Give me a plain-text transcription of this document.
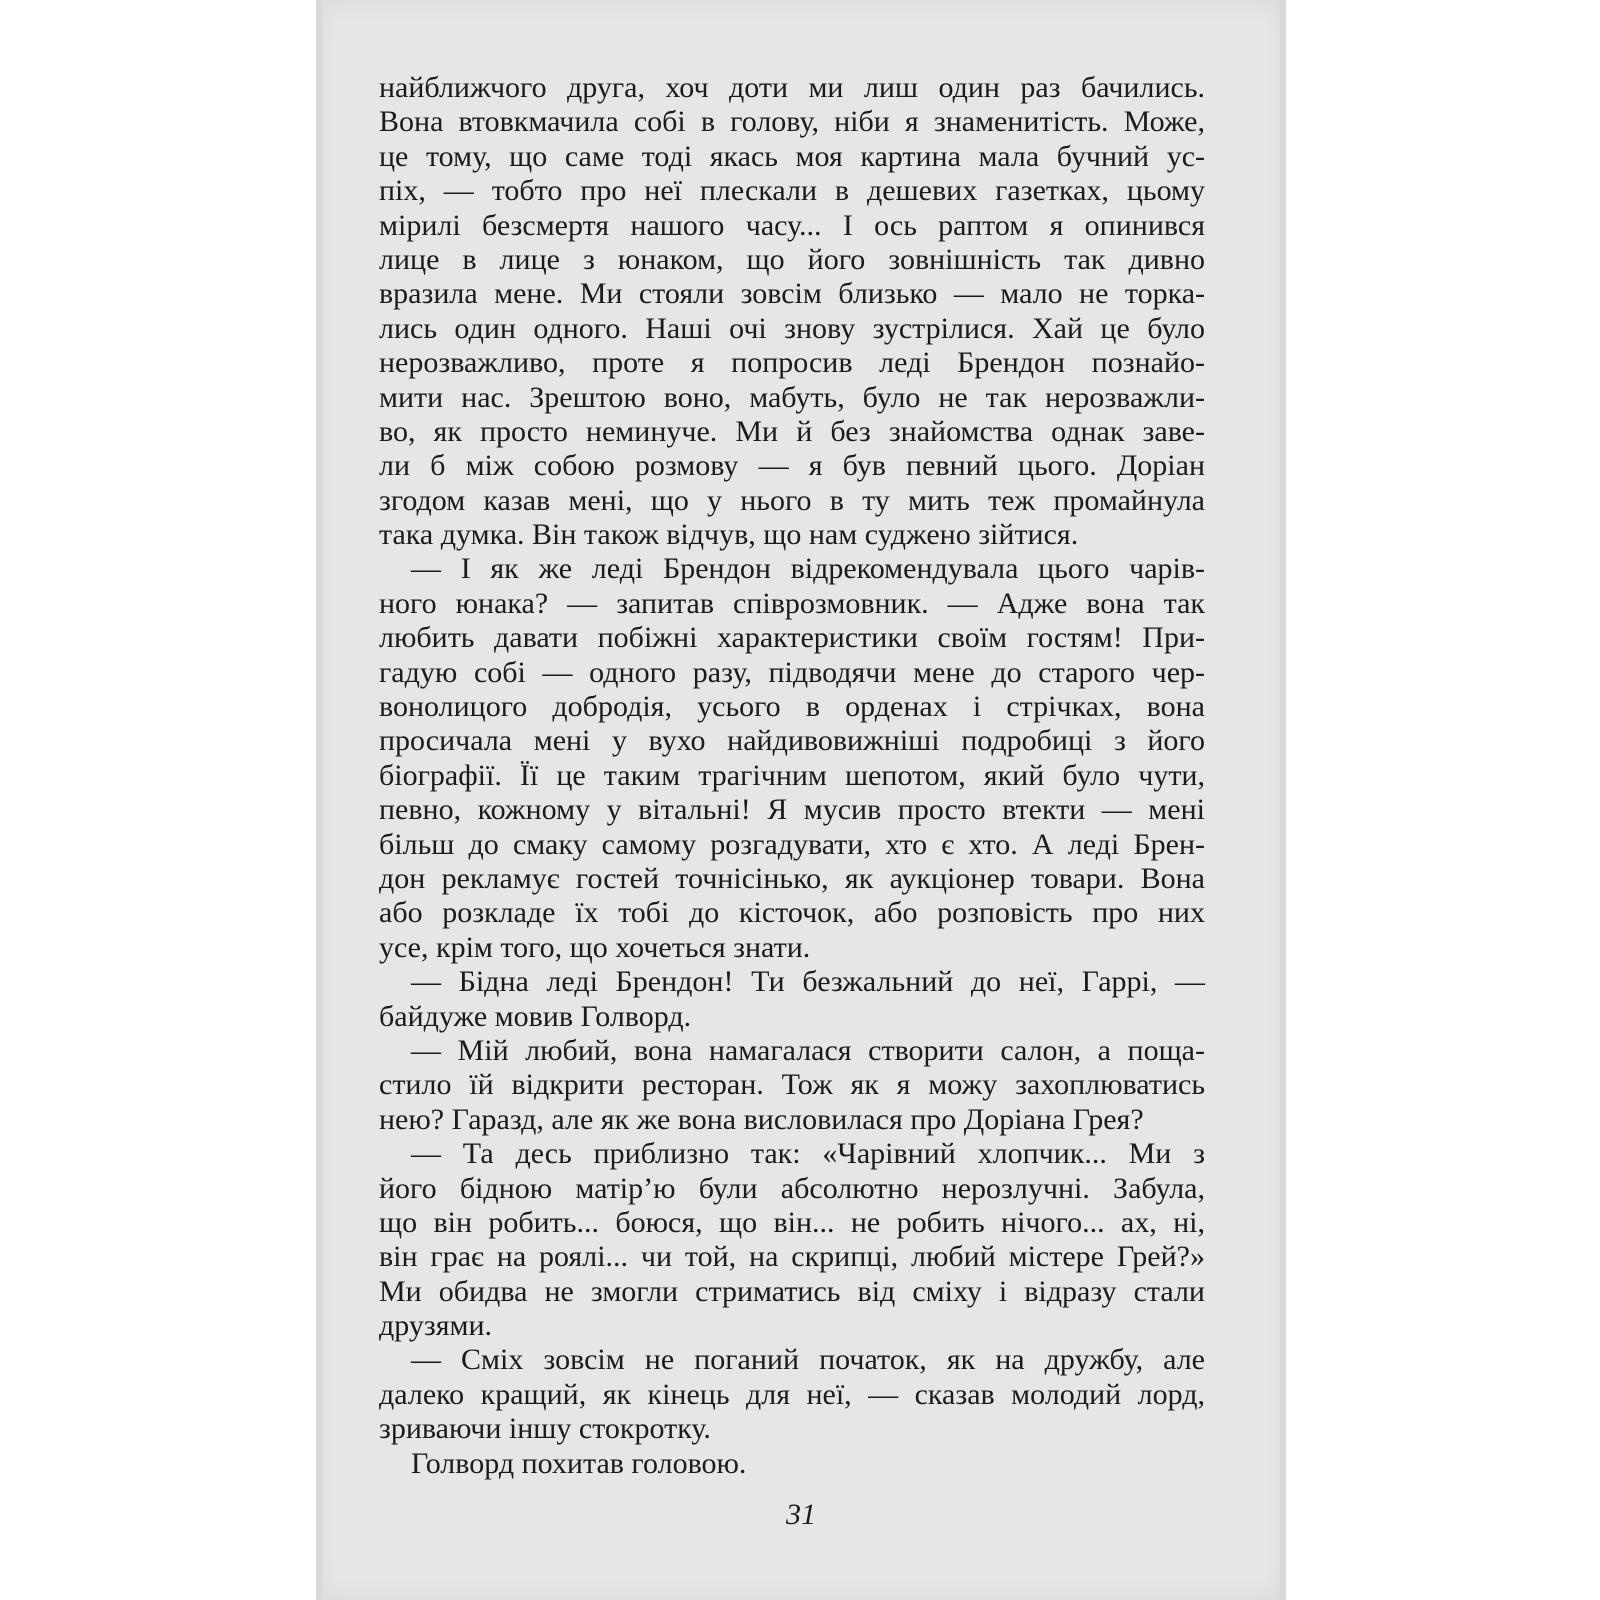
найближчого друга, хоч доти ми лиш один раз бачились.
Вона втовкмачила собі в голову, ніби я знаменитість. Може,
це тому, що саме тоді якась моя картина мала бучний ус-
піх, — тобто про неї плескали в дешевих газетках, цьому
мірилі безсмертя нашого часу... І ось раптом я опинився
лице в лице з юнаком, що його зовнішність так дивно
вразила мене. Ми стояли зовсім близько — мало не торка-
лись один одного. Наші очі знову зустрілися. Хай це було
нерозважливо, проте я попросив леді Брендон познайо-
мити нас. Зрештою воно, мабуть, було не так нерозважли-
во, як просто неминуче. Ми й без знайомства однак заве-
ли б між собою розмову — я був певний цього. Доріан
згодом казав мені, що у нього в ту мить теж промайнула
така думка. Він також відчув, що нам суджено зійтися.
— І як же леді Брендон відрекомендувала цього чарів-
ного юнака? — запитав співрозмовник. — Адже вона так
любить давати побіжні характеристики своїм гостям! При-
гадую собі — одного разу, підводячи мене до старого чер-
вонолицого добродія, усього в орденах і стрічках, вона
просичала мені у вухо найдивовижніші подробиці з його
біографії. Її це таким трагічним шепотом, який було чути,
певно, кожному у вітальні! Я мусив просто втекти — мені
більш до смаку самому розгадувати, хто є хто. А леді Брен-
дон рекламує гостей точнісінько, як аукціонер товари. Вона
або розкладе їх тобі до кісточок, або розповість про них
усе, крім того, що хочеться знати.
— Бідна леді Брендон! Ти безжальний до неї, Гаррі, —
байдуже мовив Голворд.
— Мій любий, вона намагалася створити салон, а поща-
стило їй відкрити ресторан. Тож як я можу захоплюватись
нею? Гаразд, але як же вона висловилася про Доріана Грея?
— Та десь приблизно так: «Чарівний хлопчик... Ми з
його бідною матір’ю були абсолютно нерозлучні. Забула,
що він робить... боюся, що він... не робить нічого... ах, ні,
він грає на роялі... чи той, на скрипці, любий містере Грей?»
Ми обидва не змогли стриматись від сміху і відразу стали
друзями.
— Сміх зовсім не поганий початок, як на дружбу, але
далеко кращий, як кінець для неї, — сказав молодий лорд,
зриваючи іншу стокротку.
Голворд похитав головою.
31
